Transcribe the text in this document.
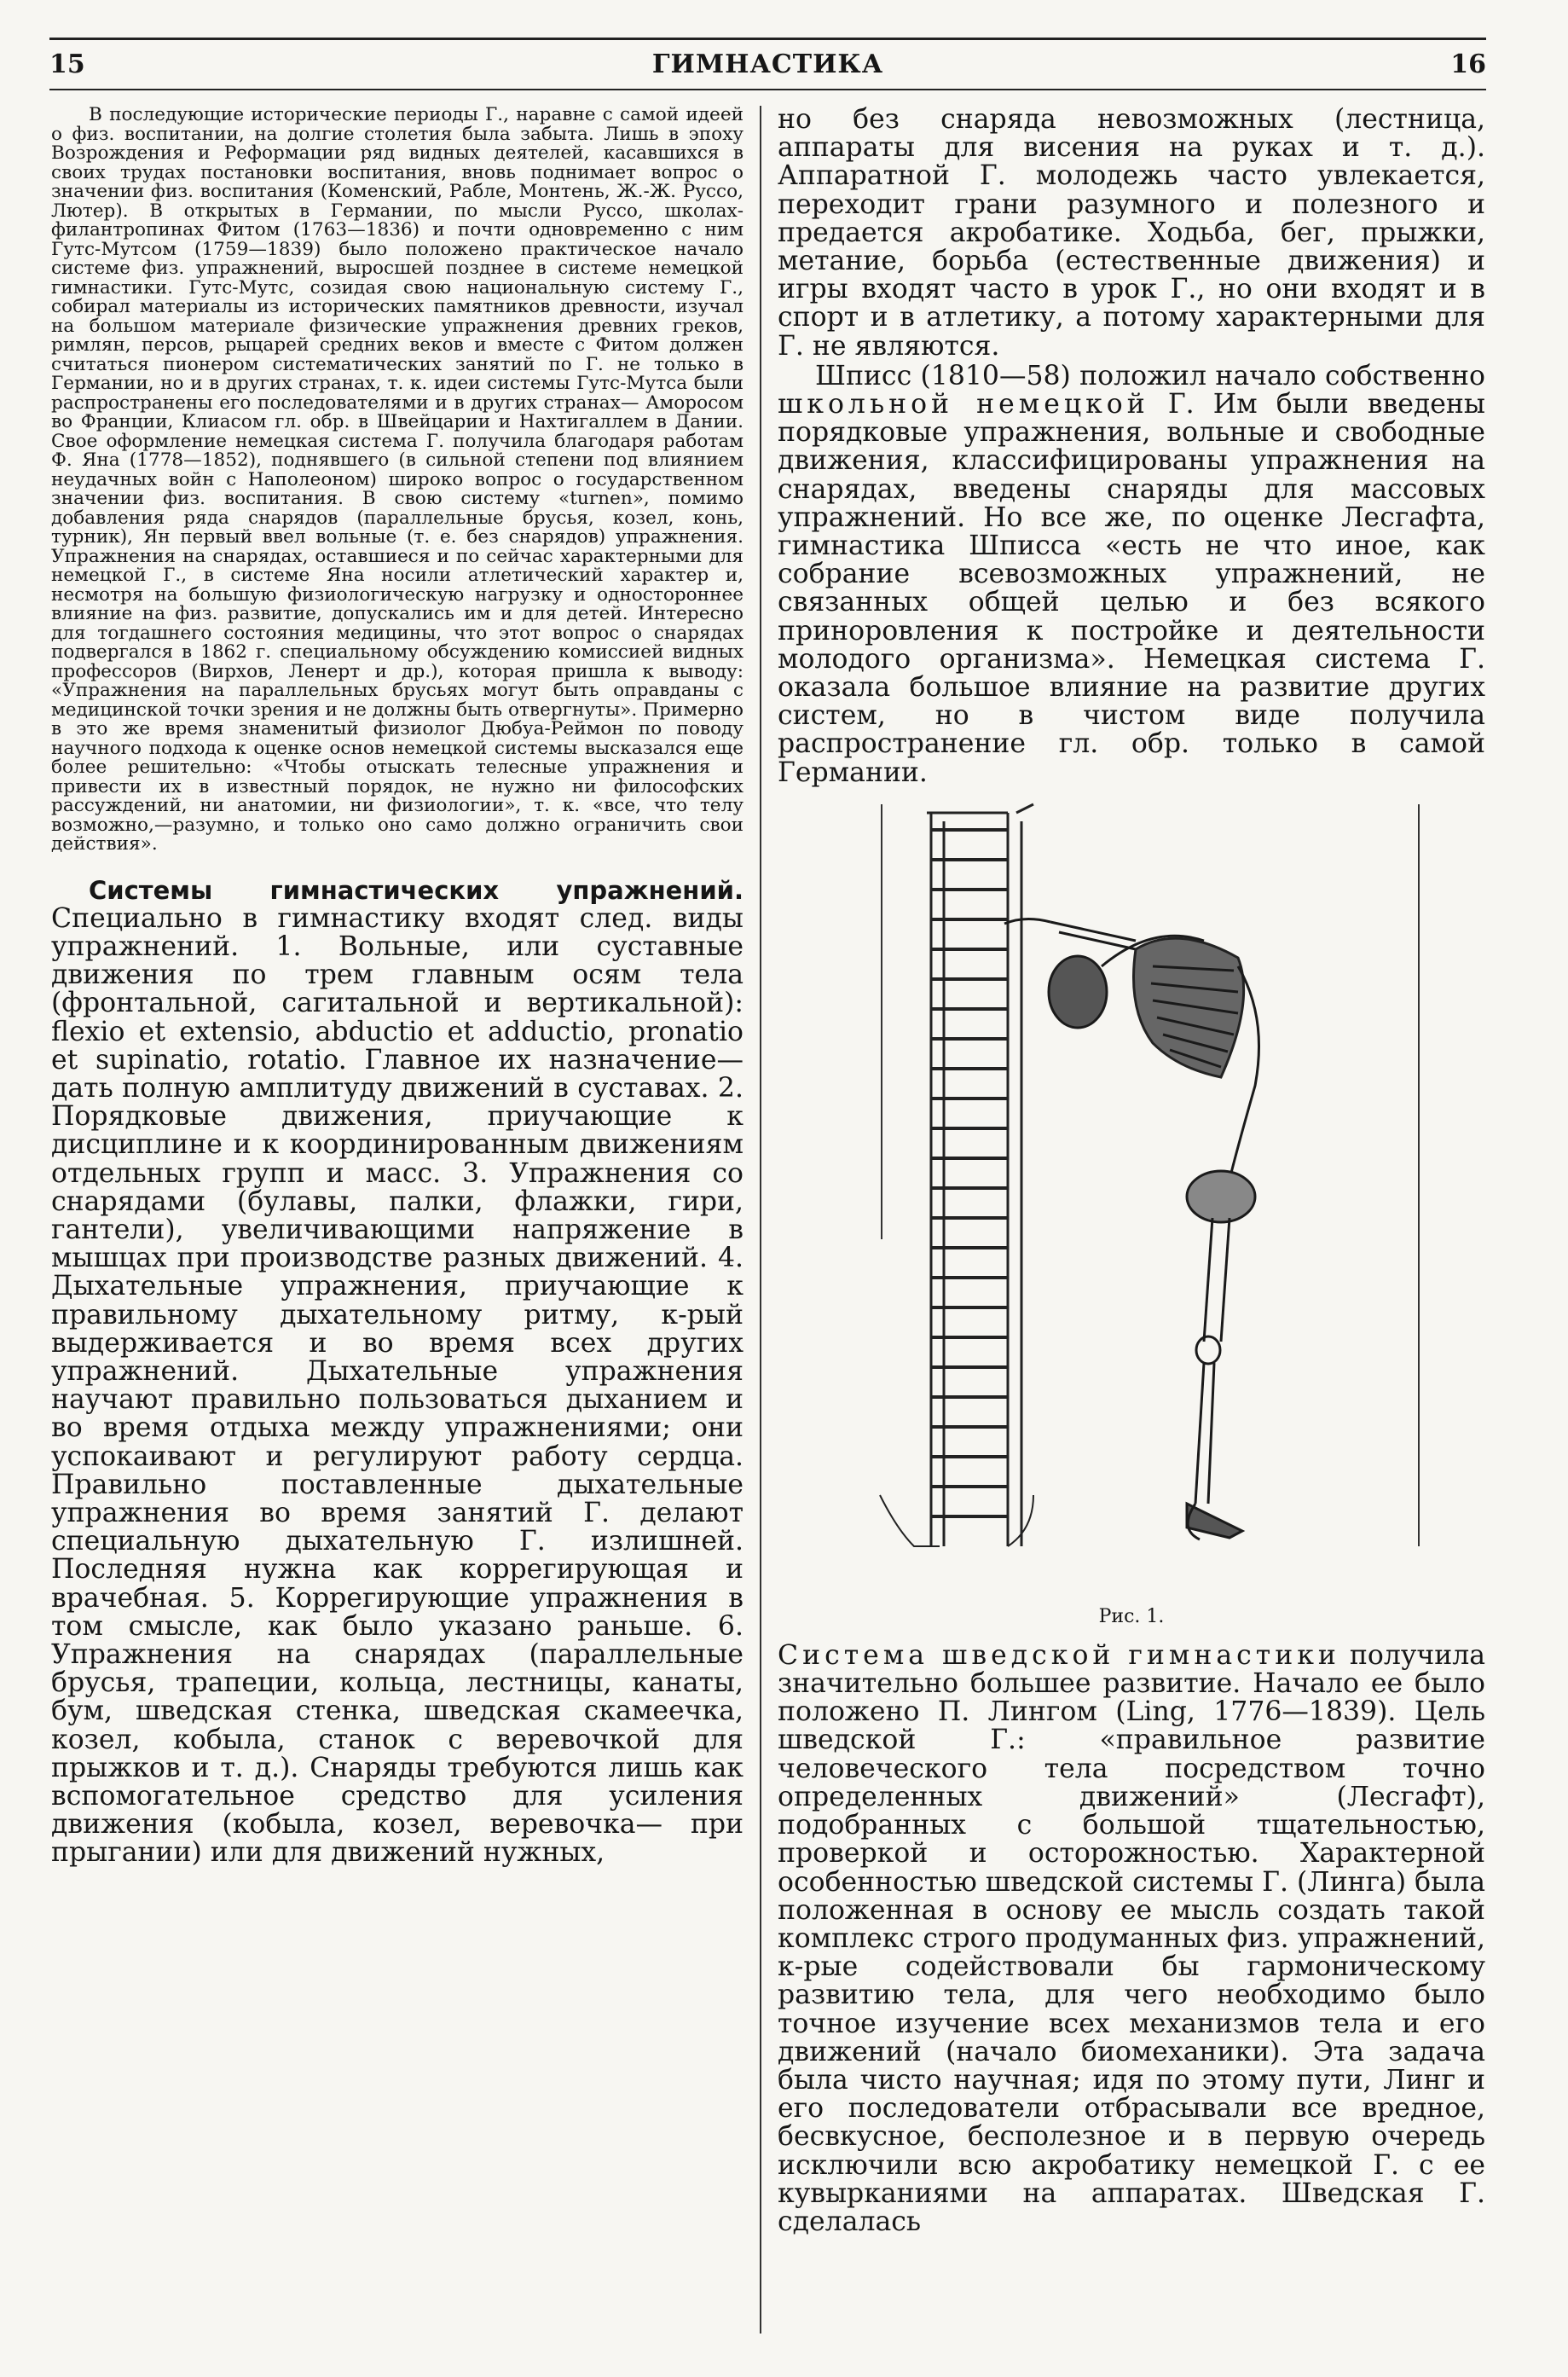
15	ГИМНАСТИКА	16

В последующие исторические периоды Г., наравне с самой идеей о физ. воспитании, на долгие столетия была забыта. Лишь в эпоху Возрождения и Реформации ряд видных деятелей, касавшихся в своих трудах постановки воспитания, вновь поднимает вопрос о значении физ. воспитания (Коменский, Рабле, Монтень, Ж.-Ж. Руссо, Лютер). В открытых в Германии, по мысли Руссо, школах-филантропинах Фитом (1763—1836) и почти одновременно с ним Гутс-Мутсом (1759—1839) было положено практическое начало системе физ. упражнений, выросшей позднее в системе немецкой гимнастики. Гутс-Мутс, созидая свою национальную систему Г., собирал материалы из исторических памятников древности, изучал на большом материале физические упражнения древних греков, римлян, персов, рыцарей средних веков и вместе с Фитом должен считаться пионером систематических занятий по Г. не только в Германии, но и в других странах, т. к. идеи системы Гутс-Мутса были распространены его последователями и в других странах— Аморосом во Франции, Клиасом гл. обр. в Швейцарии и Нахтигаллем в Дании. Свое оформление немецкая система Г. получила благодаря работам Ф. Яна (1778—1852), поднявшего (в сильной степени под влиянием неудачных войн с Наполеоном) широко вопрос о государственном значении физ. воспитания. В свою систему «turnen», помимо добавления ряда снарядов (параллельные брусья, козел, конь, турник), Ян первый ввел вольные (т. е. без снарядов) упражнения. Упражнения на снарядах, оставшиеся и по сейчас характерными для немецкой Г., в системе Яна носили атлетический характер и, несмотря на большую физиологическую нагрузку и одностороннее влияние на физ. развитие, допускались им и для детей. Интересно для тогдашнего состояния медицины, что этот вопрос о снарядах подвергался в 1862 г. специальному обсуждению комиссией видных профессоров (Вирхов, Ленерт и др.), которая пришла к выводу: «Упражнения на параллельных брусьях могут быть оправданы с медицинской точки зрения и не должны быть отвергнуты». Примерно в это же время знаменитый физиолог Дюбуа-Реймон по поводу научного подхода к оценке основ немецкой системы высказался еще более решительно: «Чтобы отыскать телесные упражнения и привести их в известный порядок, не нужно ни философских рассуждений, ни анатомии, ни физиологии», т. к. «все, что телу возможно,—разумно, и только оно само должно ограничить свои действия».

Системы гимнастических упражнений. Специально в гимнастику входят след. виды упражнений. 1. Вольные, или суставные движения по трем главным осям тела (фронтальной, сагитальной и вертикальной): flexio et extensio, abductio et adductio, pronatio et supinatio, rotatio. Главное их назначение— дать полную амплитуду движений в суставах. 2. Порядковые движения, приучающие к дисциплине и к координированным движениям отдельных групп и масс. 3. Упражнения со снарядами (булавы, палки, флажки, гири, гантели), увеличивающими напряжение в мышцах при производстве разных движений. 4. Дыхательные упражнения, приучающие к правильному дыхательному ритму, к-рый выдерживается и во время всех других упражнений. Дыхательные упражнения научают правильно пользоваться дыханием и во время отдыха между упражнениями; они успокаивают и регулируют работу сердца. Правильно поставленные дыхательные упражнения во время занятий Г. делают специальную дыхательную Г. излишней. Последняя нужна как коррегирующая и врачебная. 5. Коррегирующие упражнения в том смысле, как было указано раньше. 6. Упражнения на снарядах (параллельные брусья, трапеции, кольца, лестницы, канаты, бум, шведская стенка, шведская скамеечка, козел, кобыла, станок с веревочкой для прыжков и т. д.). Снаряды требуются лишь как вспомогательное средство для усиления движения (кобыла, козел, веревочка— при прыгании) или для движений нужных,

но без снаряда невозможных (лестница, аппараты для висения на руках и т. д.). Аппаратной Г. молодежь часто увлекается, переходит грани разумного и полезного и предается акробатике. Ходьба, бег, прыжки, метание, борьба (естественные движения) и игры входят часто в урок Г., но они входят и в спорт и в атлетику, а потому характерными для Г. не являются.

Шписс (1810—58) положил начало собственно школьной немецкой Г. Им были введены порядковые упражнения, вольные и свободные движения, классифицированы упражнения на снарядах, введены снаряды для массовых упражнений. Но все же, по оценке Лесгафта, гимнастика Шписса «есть не что иное, как собрание всевозможных упражнений, не связанных общей целью и без всякого приноровления к постройке и деятельности молодого организма». Немецкая система Г. оказала большое влияние на развитие других систем, но в чистом виде получила распространение гл. обр. только в самой Германии.

Рис. 1.

Система шведской гимнастики получила значительно большее развитие. Начало ее было положено П. Лингом (Ling, 1776—1839). Цель шведской Г.: «правильное развитие человеческого тела посредством точно определенных движений» (Лесгафт), подобранных с большой тщательностью, проверкой и осторожностью. Характерной особенностью шведской системы Г. (Линга) была положенная в основу ее мысль создать такой комплекс строго продуманных физ. упражнений, к-рые содействовали бы гармоническому развитию тела, для чего необходимо было точное изучение всех механизмов тела и его движений (начало биомеханики). Эта задача была чисто научная; идя по этому пути, Линг и его последователи отбрасывали все вредное, бесвкусное, бесполезное и в первую очередь исключили всю акробатику немецкой Г. с ее кувырканиями на аппаратах. Шведская Г. сделалась
